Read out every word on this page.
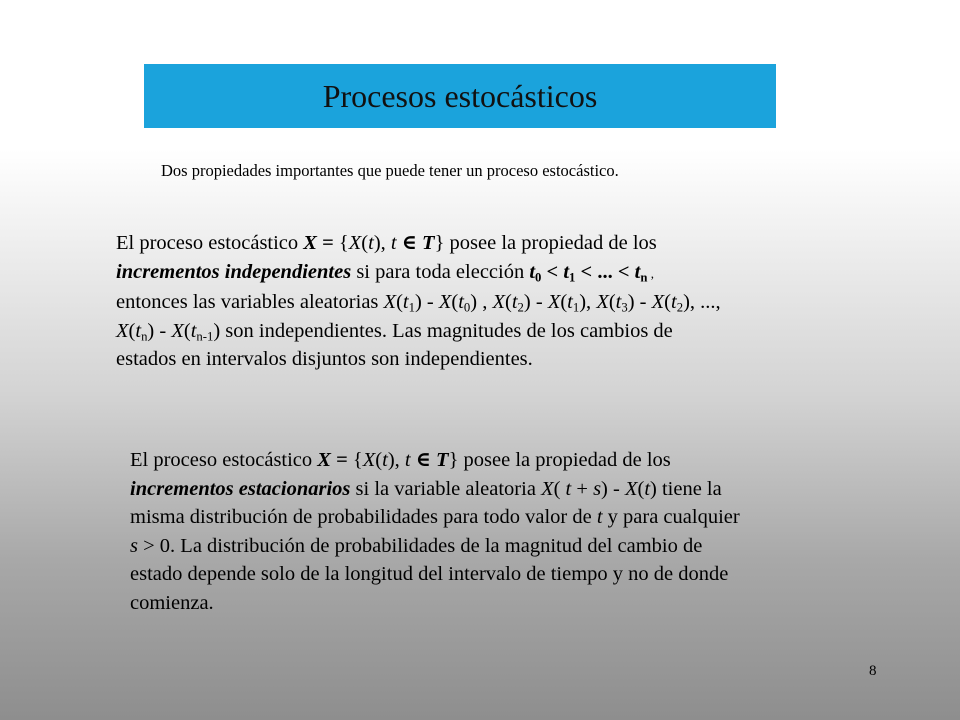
Procesos estocásticos
Dos propiedades importantes que puede tener un proceso estocástico.
El proceso estocástico X = {X(t), t ∈ T} posee la propiedad de los
incrementos independientes si para toda elección $t_0 < t_1$ < ... < $t_n$ ,
entonces las variables aleatorias $X(t_1) - X(t_0)$ , $X(t_2) - X(t_1)$, $X(t_3) - X(t_2)$, ...,
$X(t_n) - X(t_{n-1})$ son independientes. Las magnitudes de los cambios de
estados en intervalos disjuntos son independientes.
El proceso estocástico X = {X(t), t ∈ T} posee la propiedad de los
incrementos estacionarios si la variable aleatoria X( t + s) - X(t) tiene la
misma distribución de probabilidades para todo valor de t y para cualquier
s > 0. La distribución de probabilidades de la magnitud del cambio de
estado depende solo de la longitud del intervalo de tiempo y no de donde
comienza.
8
